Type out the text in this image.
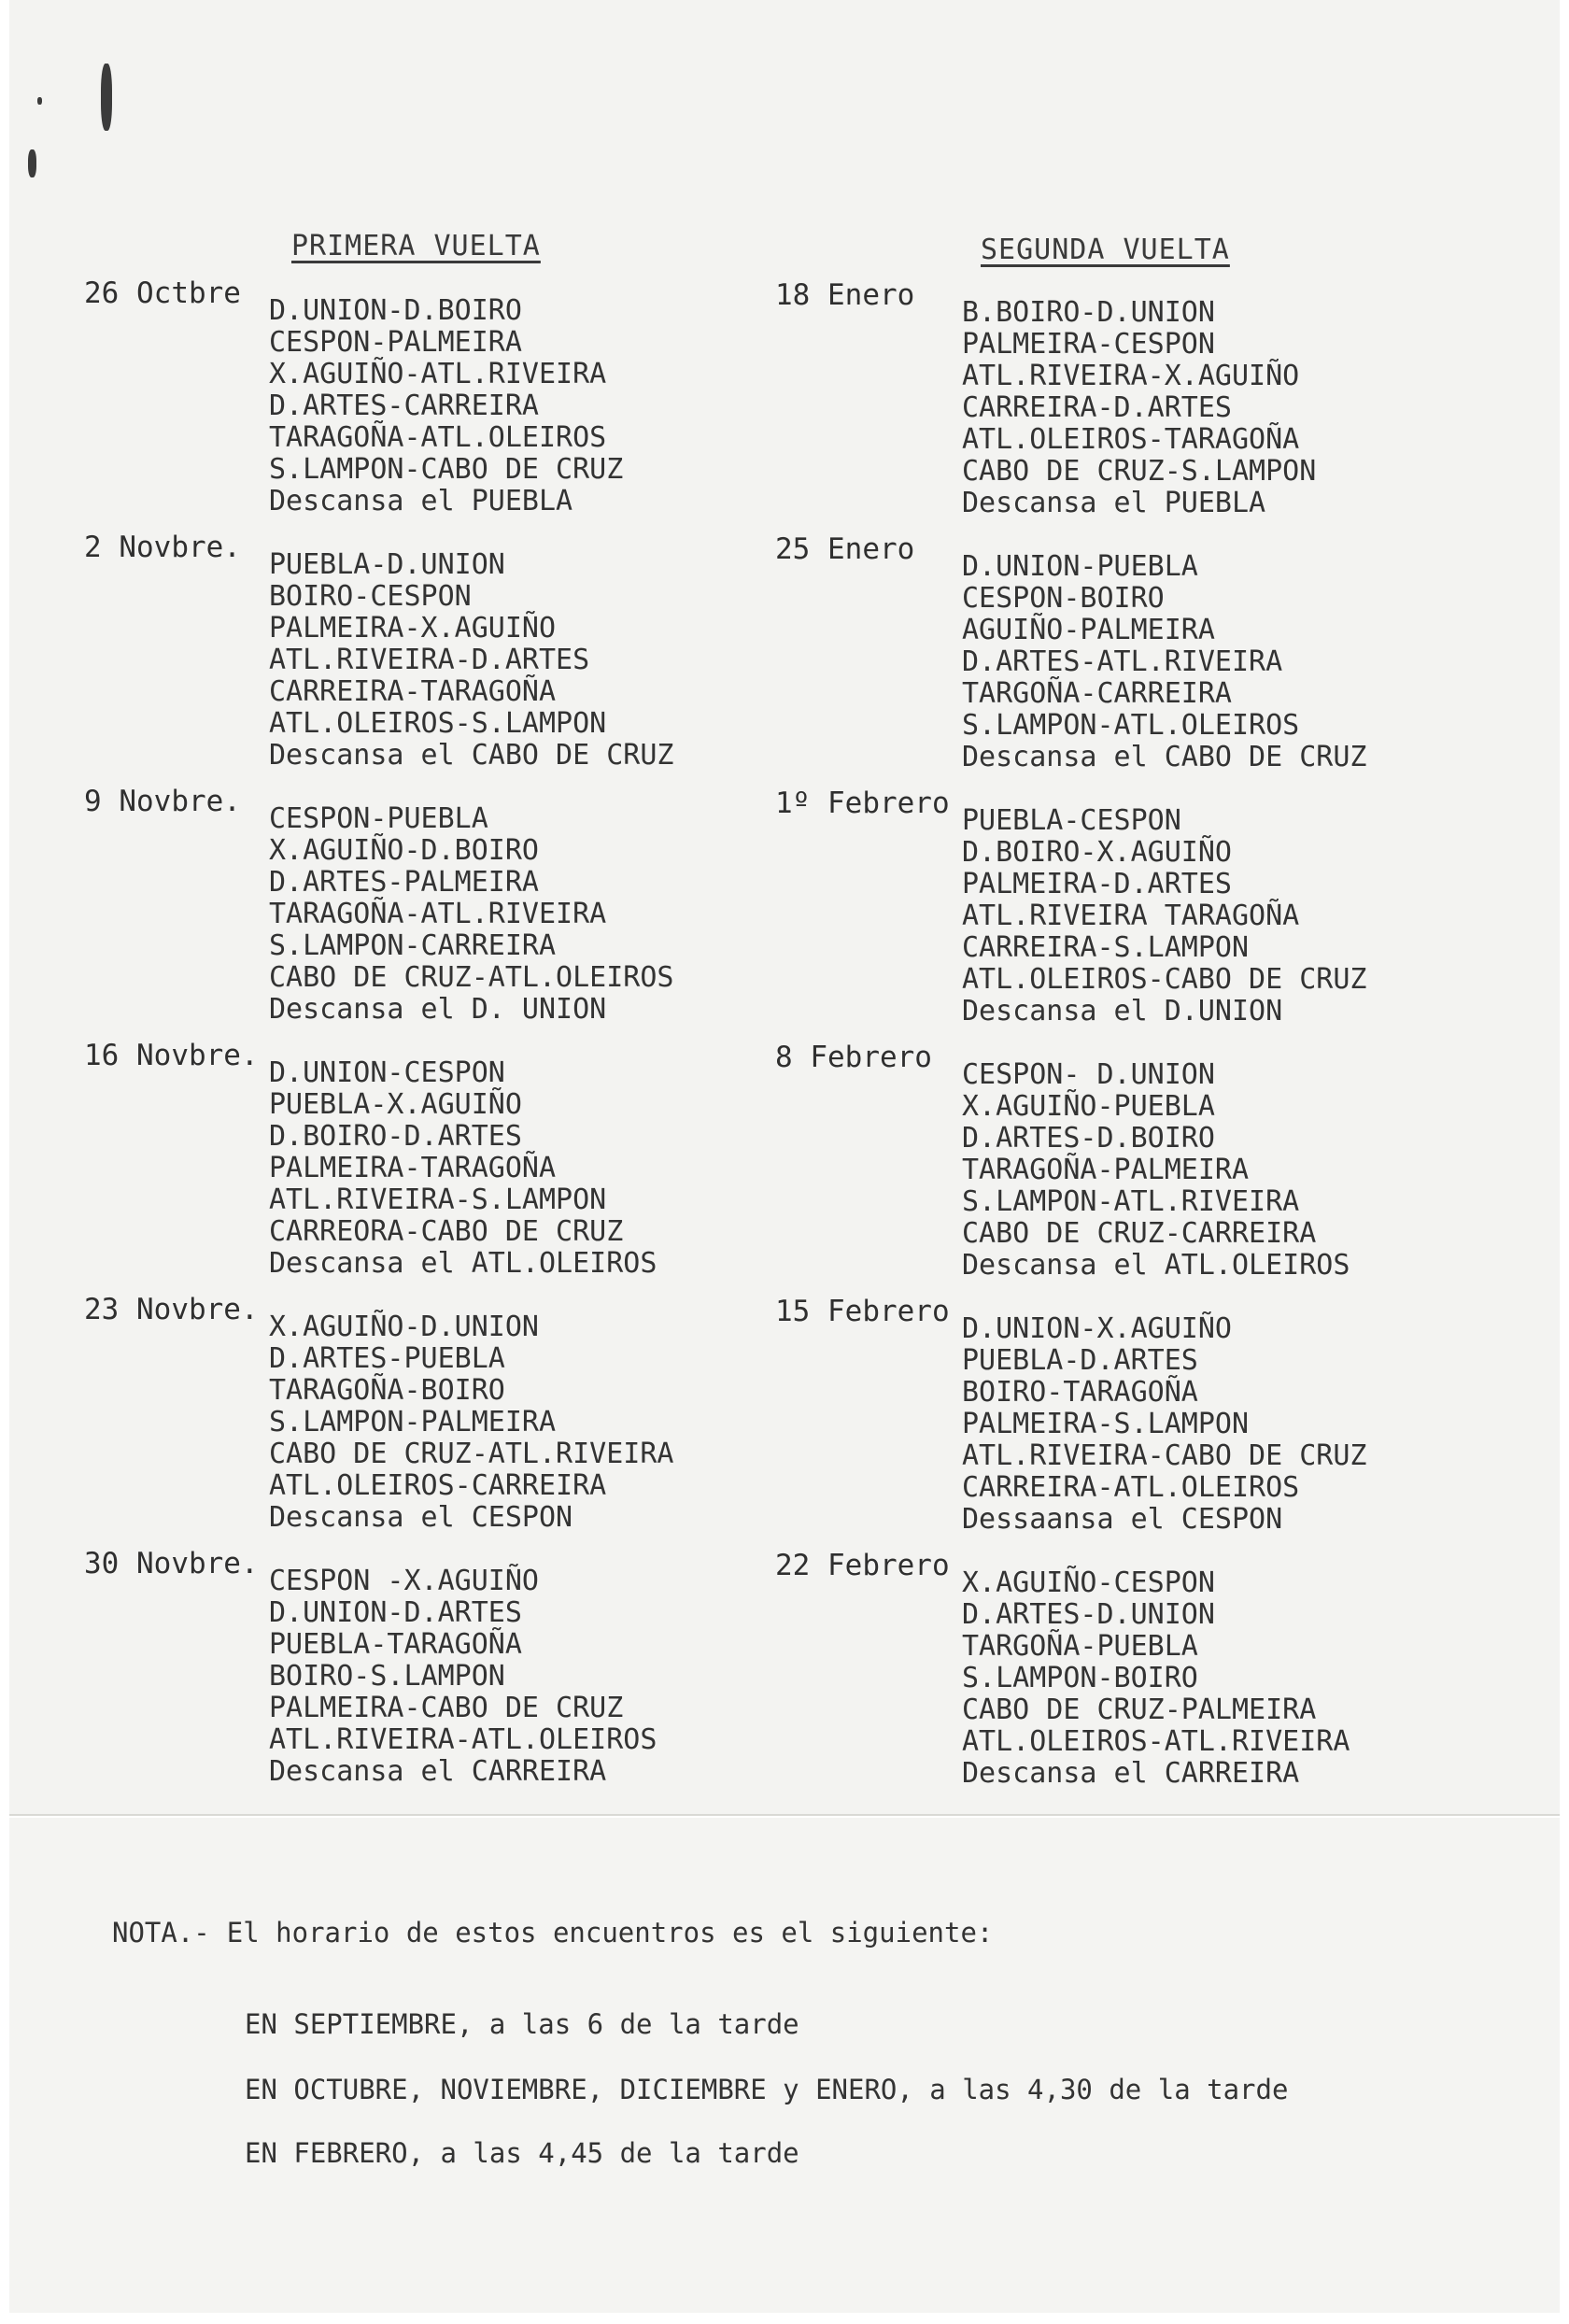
PRIMERA VUELTA
26 Octbre
D.UNION-D.BOIRO
CESPON-PALMEIRA
X.AGUIÑO-ATL.RIVEIRA
D.ARTES-CARREIRA
TARAGOÑA-ATL.OLEIROS
S.LAMPON-CABO DE CRUZ
Descansa el PUEBLA
2 Novbre.
PUEBLA-D.UNION
BOIRO-CESPON
PALMEIRA-X.AGUIÑO
ATL.RIVEIRA-D.ARTES
CARREIRA-TARAGOÑA
ATL.OLEIROS-S.LAMPON
Descansa el CABO DE CRUZ
9 Novbre.
CESPON-PUEBLA
X.AGUIÑO-D.BOIRO
D.ARTES-PALMEIRA
TARAGOÑA-ATL.RIVEIRA
S.LAMPON-CARREIRA
CABO DE CRUZ-ATL.OLEIROS
Descansa el D. UNION
16 Novbre.
D.UNION-CESPON
PUEBLA-X.AGUIÑO
D.BOIRO-D.ARTES
PALMEIRA-TARAGOÑA
ATL.RIVEIRA-S.LAMPON
CARREORA-CABO DE CRUZ
Descansa el ATL.OLEIROS
23 Novbre.
X.AGUIÑO-D.UNION
D.ARTES-PUEBLA
TARAGOÑA-BOIRO
S.LAMPON-PALMEIRA
CABO DE CRUZ-ATL.RIVEIRA
ATL.OLEIROS-CARREIRA
Descansa el CESPON
30 Novbre.
CESPON -X.AGUIÑO
D.UNION-D.ARTES
PUEBLA-TARAGOÑA
BOIRO-S.LAMPON
PALMEIRA-CABO DE CRUZ
ATL.RIVEIRA-ATL.OLEIROS
Descansa el CARREIRA
SEGUNDA VUELTA
18 Enero
B.BOIRO-D.UNION
PALMEIRA-CESPON
ATL.RIVEIRA-X.AGUIÑO
CARREIRA-D.ARTES
ATL.OLEIROS-TARAGOÑA
CABO DE CRUZ-S.LAMPON
Descansa el PUEBLA
25 Enero
D.UNION-PUEBLA
CESPON-BOIRO
AGUIÑO-PALMEIRA
D.ARTES-ATL.RIVEIRA
TARGOÑA-CARREIRA
S.LAMPON-ATL.OLEIROS
Descansa el CABO DE CRUZ
1º Febrero
PUEBLA-CESPON
D.BOIRO-X.AGUIÑO
PALMEIRA-D.ARTES
ATL.RIVEIRA TARAGOÑA
CARREIRA-S.LAMPON
ATL.OLEIROS-CABO DE CRUZ
Descansa el D.UNION
8 Febrero
CESPON- D.UNION
X.AGUIÑO-PUEBLA
D.ARTES-D.BOIRO
TARAGOÑA-PALMEIRA
S.LAMPON-ATL.RIVEIRA
CABO DE CRUZ-CARREIRA
Descansa el ATL.OLEIROS
15 Febrero
D.UNION-X.AGUIÑO
PUEBLA-D.ARTES
BOIRO-TARAGOÑA
PALMEIRA-S.LAMPON
ATL.RIVEIRA-CABO DE CRUZ
CARREIRA-ATL.OLEIROS
Dessaansa el CESPON
22 Febrero
X.AGUIÑO-CESPON
D.ARTES-D.UNION
TARGOÑA-PUEBLA
S.LAMPON-BOIRO
CABO DE CRUZ-PALMEIRA
ATL.OLEIROS-ATL.RIVEIRA
Descansa el CARREIRA
NOTA.- El horario de estos encuentros es el siguiente:
EN SEPTIEMBRE, a las 6 de la tarde
EN OCTUBRE, NOVIEMBRE, DICIEMBRE y ENERO, a las 4,30 de la tarde
EN FEBRERO, a las 4,45 de la tarde
